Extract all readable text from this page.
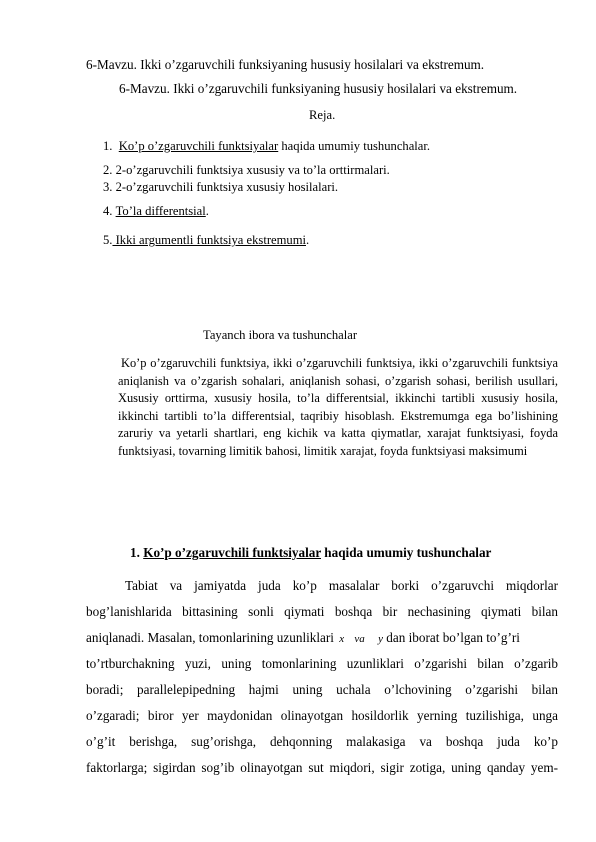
6-Mavzu. Ikki o’zgaruvchili funksiyaning hususiy hosilalari va ekstremum.
6-Mavzu. Ikki o’zgaruvchili funksiyaning hususiy hosilalari va ekstremum.
Reja.
1. Ko’p o’zgaruvchili funktsiyalar haqida umumiy tushunchalar.
2. 2-o’zgaruvchili funktsiya xususiy va to’la orttirmalari.
3. 2-o’zgaruvchili funktsiya xususiy hosilalari.
4. To’la differentsial.
5. Ikki argumentli funktsiya ekstremumi.
Tayanch ibora va tushunchalar
Ko’p o’zgaruvchili funktsiya, ikki o’zgaruvchili funktsiya, ikki o’zgaruvchili funktsiya aniqlanish va o’zgarish sohalari, aniqlanish sohasi, o’zgarish sohasi, berilish usullari, Xususiy orttirma, xususiy hosila, to’la differentsial, ikkinchi tartibli xususiy hosila, ikkinchi tartibli to’la differentsial, taqribiy hisoblash. Ekstremumga ega bo’lishining zaruriy va yetarli shartlari, eng kichik va katta qiymatlar, xarajat funktsiyasi, foyda funktsiyasi, tovarning limitik bahosi, limitik xarajat, foyda funktsiyasi maksimumi
1. Ko’p o’zgaruvchili funktsiyalar haqida umumiy tushunchalar
Tabiat va jamiyatda juda ko’p masalalar borki o’zgaruvchi miqdorlar
bog’lanishlarida bittasining sonli qiymati boshqa bir nechasining qiymati bilan
aniqlanadi. Masalan, tomonlarining uzunliklari x va y dan iborat bo’lgan to’g’ri
to’rtburchakning yuzi, uning tomonlarining uzunliklari o’zgarishi bilan o’zgarib
boradi; parallelepipedning hajmi uning uchala o’lchovining o’zgarishi bilan
o’zgaradi; biror yer maydonidan olinayotgan hosildorlik yerning tuzilishiga, unga
o’g’it berishga, sug’orishga, dehqonning malakasiga va boshqa juda ko’p
faktorlarga; sigirdan sog’ib olinayotgan sut miqdori, sigir zotiga, uning qanday yem-
